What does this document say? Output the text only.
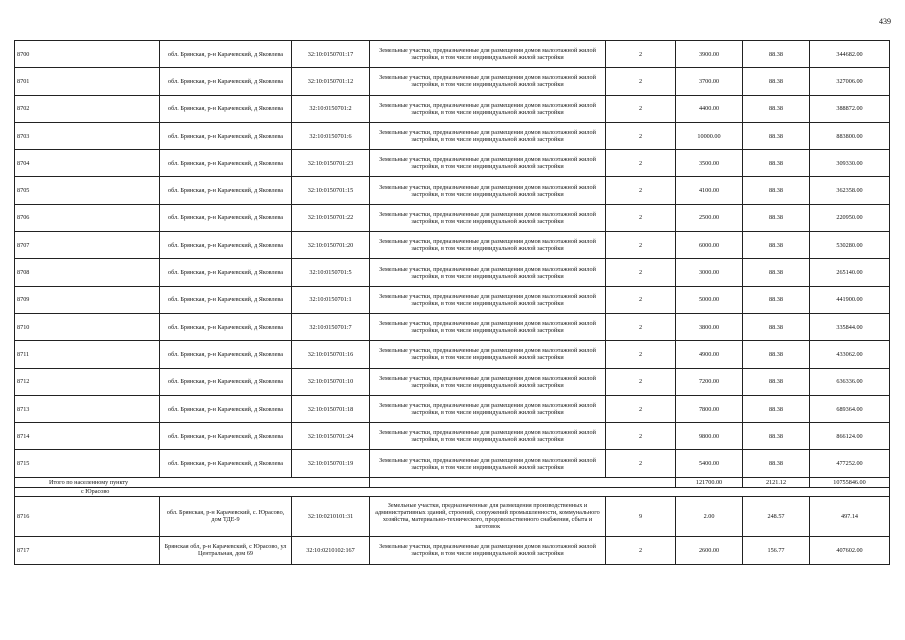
439
8700	обл. Брянская, р-н Карачевский, д Яковлева	32:10:0150701:17	Земельные участки, предназначенные для размещения домов малоэтажной жилой застройки, в том числе индивидуальной жилой застройки	2	3900.00	88.38	344682.00
8701	обл. Брянская, р-н Карачевский, д Яковлева	32:10:0150701:12	Земельные участки, предназначенные для размещения домов малоэтажной жилой застройки, в том числе индивидуальной жилой застройки	2	3700.00	88.38	327006.00
8702	обл. Брянская, р-н Карачевский, д Яковлева	32:10:0150701:2	Земельные участки, предназначенные для размещения домов малоэтажной жилой застройки, в том числе индивидуальной жилой застройки	2	4400.00	88.38	388872.00
8703	обл. Брянская, р-н Карачевский, д Яковлева	32:10:0150701:6	Земельные участки, предназначенные для размещения домов малоэтажной жилой застройки, в том числе индивидуальной жилой застройки	2	10000.00	88.38	883800.00
8704	обл. Брянская, р-н Карачевский, д Яковлева	32:10:0150701:23	Земельные участки, предназначенные для размещения домов малоэтажной жилой застройки, в том числе индивидуальной жилой застройки	2	3500.00	88.38	309330.00
8705	обл. Брянская, р-н Карачевский, д Яковлева	32:10:0150701:15	Земельные участки, предназначенные для размещения домов малоэтажной жилой застройки, в том числе индивидуальной жилой застройки	2	4100.00	88.38	362358.00
8706	обл. Брянская, р-н Карачевский, д Яковлева	32:10:0150701:22	Земельные участки, предназначенные для размещения домов малоэтажной жилой застройки, в том числе индивидуальной жилой застройки	2	2500.00	88.38	220950.00
8707	обл. Брянская, р-н Карачевский, д Яковлева	32:10:0150701:20	Земельные участки, предназначенные для размещения домов малоэтажной жилой застройки, в том числе индивидуальной жилой застройки	2	6000.00	88.38	530280.00
8708	обл. Брянская, р-н Карачевский, д Яковлева	32:10:0150701:5	Земельные участки, предназначенные для размещения домов малоэтажной жилой застройки, в том числе индивидуальной жилой застройки	2	3000.00	88.38	265140.00
8709	обл. Брянская, р-н Карачевский, д Яковлева	32:10:0150701:1	Земельные участки, предназначенные для размещения домов малоэтажной жилой застройки, в том числе индивидуальной жилой застройки	2	5000.00	88.38	441900.00
8710	обл. Брянская, р-н Карачевский, д Яковлева	32:10:0150701:7	Земельные участки, предназначенные для размещения домов малоэтажной жилой застройки, в том числе индивидуальной жилой застройки	2	3800.00	88.38	335844.00
8711	обл. Брянская, р-н Карачевский, д Яковлева	32:10:0150701:16	Земельные участки, предназначенные для размещения домов малоэтажной жилой застройки, в том числе индивидуальной жилой застройки	2	4900.00	88.38	433062.00
8712	обл. Брянская, р-н Карачевский, д Яковлева	32:10:0150701:10	Земельные участки, предназначенные для размещения домов малоэтажной жилой застройки, в том числе индивидуальной жилой застройки	2	7200.00	88.38	636336.00
8713	обл. Брянская, р-н Карачевский, д Яковлева	32:10:0150701:18	Земельные участки, предназначенные для размещения домов малоэтажной жилой застройки, в том числе индивидуальной жилой застройки	2	7800.00	88.38	689364.00
8714	обл. Брянская, р-н Карачевский, д Яковлева	32:10:0150701:24	Земельные участки, предназначенные для размещения домов малоэтажной жилой застройки, в том числе индивидуальной жилой застройки	2	9800.00	88.38	866124.00
8715	обл. Брянская, р-н Карачевский, д Яковлева	32:10:0150701:19	Земельные участки, предназначенные для размещения домов малоэтажной жилой застройки, в том числе индивидуальной жилой застройки	2	5400.00	88.38	477252.00
Итого по населенному пункту					121700.00	2121.12	10755846.00
с Юрасово							
8716	обл. Брянская, р-н Карачевский, с. Юрасово, дом ТДЕ-9	32:10:0210101:31	Земельные участки, предназначенные для размещения производственных и административных зданий, строений, сооружений промышленности, коммунального хозяйства, материально-технического, продовольственного снабжения, сбыта и заготовок	9	2.00	248.57	497.14
8717	Брянская обл, р-н Карачевский, с Юрасово, ул Центральная, дом 69	32:10:0210102:167	Земельные участки, предназначенные для размещения домов малоэтажной жилой застройки, в том числе индивидуальной жилой застройки	2	2600.00	156.77	407602.00
